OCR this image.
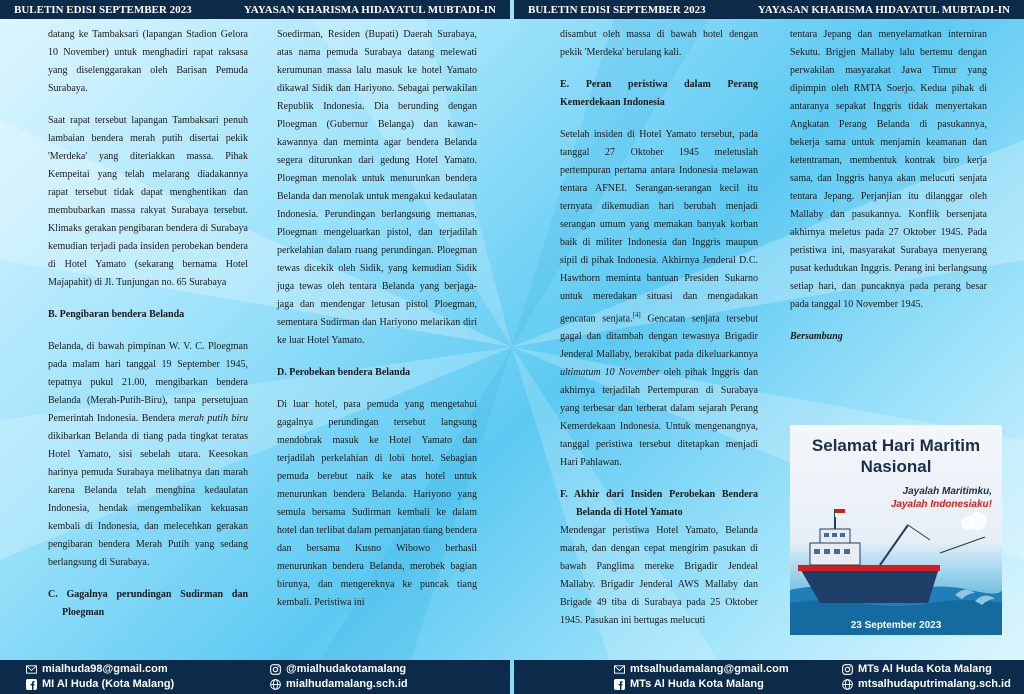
BULETIN EDISI SEPTEMBER 2023	YAYASAN KHARISMA HIDAYATUL MUBTADI-IN	BULETIN EDISI SEPTEMBER 2023	YAYASAN KHARISMA HIDAYATUL MUBTADI-IN

datang ke Tambaksari (lapangan Stadion Gelora 10 November) untuk menghadiri rapat raksasa yang diselenggarakan oleh Barisan Pemuda Surabaya.

Saat rapat tersebut lapangan Tambaksari penuh lambaian bendera merah putih disertai pekik 'Merdeka' yang diteriakkan massa. Pihak Kempeitai yang telah melarang diadakannya rapat tersebut tidak dapat menghentikan dan membubarkan massa rakyat Surabaya tersebut. Klimaks gerakan pengibaran bendera di Surabaya kemudian terjadi pada insiden perobekan bendera di Hotel Yamato (sekarang bernama Hotel Majapahit) di Jl. Tunjungan no. 65 Surabaya

B. Pengibaran bendera Belanda

Belanda, di bawah pimpinan W. V. C. Ploegman pada malam hari tanggal 19 September 1945, tepatnya pukul 21.00, mengibarkan bendera Belanda (Merah-Putih-Biru), tanpa persetujuan Pemerintah Indonesia. Bendera merah putih biru dikibarkan Belanda di tiang pada tingkat teratas Hotel Yamato, sisi sebelah utara. Keesokan harinya pemuda Surabaya melihatnya dan marah karena Belanda telah menghina kedaulatan Indonesia, hendak mengembalikan kekuasan kembali di Indonesia, dan melecehkan gerakan pengibaran bendera Merah Putih yang sedang berlangsung di Surabaya.

C. Gagalnya perundingan Sudirman dan Ploegman

Soedirman, Residen (Bupati) Daerah Surabaya, atas nama pemuda Surabaya datang melewati kerumunan massa lalu masuk ke hotel Yamato dikawal Sidik dan Hariyono. Sebagai perwakilan Republik Indonesia. Dia berunding dengan Ploegman (Gubernur Belanga) dan kawan-kawannya dan meminta agar bendera Belanda segera diturunkan dari gedung Hotel Yamato. Ploegman menolak untuk menurunkan bendera Belanda dan menolak untuk mengakui kedaulatan Indonesia. Perundingan berlangsung memanas, Ploegman mengeluarkan pistol, dan terjadilah perkelahian dalam ruang perundingan. Ploegman tewas dicekik oleh Sidik, yang kemudian Sidik juga tewas oleh tentara Belanda yang berjaga-jaga dan mendengar letusan pistol Ploegman, sementara Sudirman dan Hariyono melarikan diri ke luar Hotel Yamato.

D. Perobekan bendera Belanda

Di luar hotel, para pemuda yang mengetahui gagalnya perundingan tersebut langsung mendobrak masuk ke Hotel Yamato dan terjadilah perkelahian di lobi hotel. Sebagian pemuda berebut naik ke atas hotel untuk menurunkan bendera Belanda. Hariyono yang semula bersama Sudirman kembali ke dalam hotel dan terlibat dalam pemanjatan tiang bendera dan bersama Kusno Wibowo berhasil menurunkan bendera Belanda, merobek bagian birunya, dan mengereknya ke puncak tiang kembali. Peristiwa ini

disambut oleh massa di bawah hotel dengan pekik 'Merdeka' berulang kali.

E. Peran peristiwa dalam Perang Kemerdekaan Indonesia

Setelah insiden di Hotel Yamato tersebut, pada tanggal 27 Oktober 1945 meletuslah pertempuran pertama antara Indonesia melawan tentara AFNEI. Serangan-serangan kecil itu ternyata dikemudian hari berubah menjadi serangan umum yang memakan banyak korban baik di militer Indonesia dan Inggris maupun sipil di pihak Indonesia. Akhirnya Jenderal D.C. Hawthorn meminta bantuan Presiden Sukarno untuk meredakan situasi dan mengadakan gencatan senjata.[4] Gencatan senjata tersebut gagal dan ditambah dengan tewasnya Brigadir Jenderal Mallaby, berakibat pada dikeluarkannya ultimatum 10 November oleh pihak Inggris dan akhirnya terjadilah Pertempuran di Surabaya yang terbesar dan terberat dalam sejarah Perang Kemerdekaan Indonesia. Untuk mengenangnya, tanggal peristiwa tersebut ditetapkan menjadi Hari Pahlawan.

F. Akhir dari Insiden Perobekan Bendera Belanda di Hotel Yamato

Mendengar peristiwa Hotel Yamato, Belanda marah, dan dengan cepat mengirim pasukan di bawah Panglima mereke Brigadir Jendeal Mallaby. Brigadir Jenderal AWS Mallaby dan Brigade 49 tiba di Surabaya pada 25 Oktober 1945. Pasukan ini bertugas melucuti

tentara Jepang dan menyelamatkan interniran Sekutu. Brigjen Mallaby lalu bertemu dengan perwakilan masyarakat Jawa Timur yang dipimpin oleh RMTA Soerjo. Kedua pihak di antaranya sepakat Inggris tidak menyertakan Angkatan Perang Belanda di pasukannya, bekerja sama untuk menjamin keamanan dan ketentraman, membentuk kontrak biro kerja sama, dan Inggris hanya akan melucuti senjata tentara Jepang. Perjanjian itu dilanggar oleh Mallaby dan pasukannya. Konflik bersenjata akhirnya meletus pada 27 Oktober 1945. Pada peristiwa ini, masyarakat Surabaya menyerang pusat kedudukan Inggris. Perang ini berlangsung setiap hari, dan puncaknya pada perang besar pada tanggal 10 November 1945.

Bersambung

Selamat Hari Maritim
Nasional
Jayalah Maritimku,
Jayalah Indonesiaku!
23 September 2023
mialhuda98@gmail.com
MI Al Huda (Kota Malang)
@mialhudakotamalang
mialhudamalang.sch.id
mtsalhudamalang@gmail.com
MTs Al Huda Kota Malang
MTs Al Huda Kota Malang
mtsalhudaputrimalang.sch.id
